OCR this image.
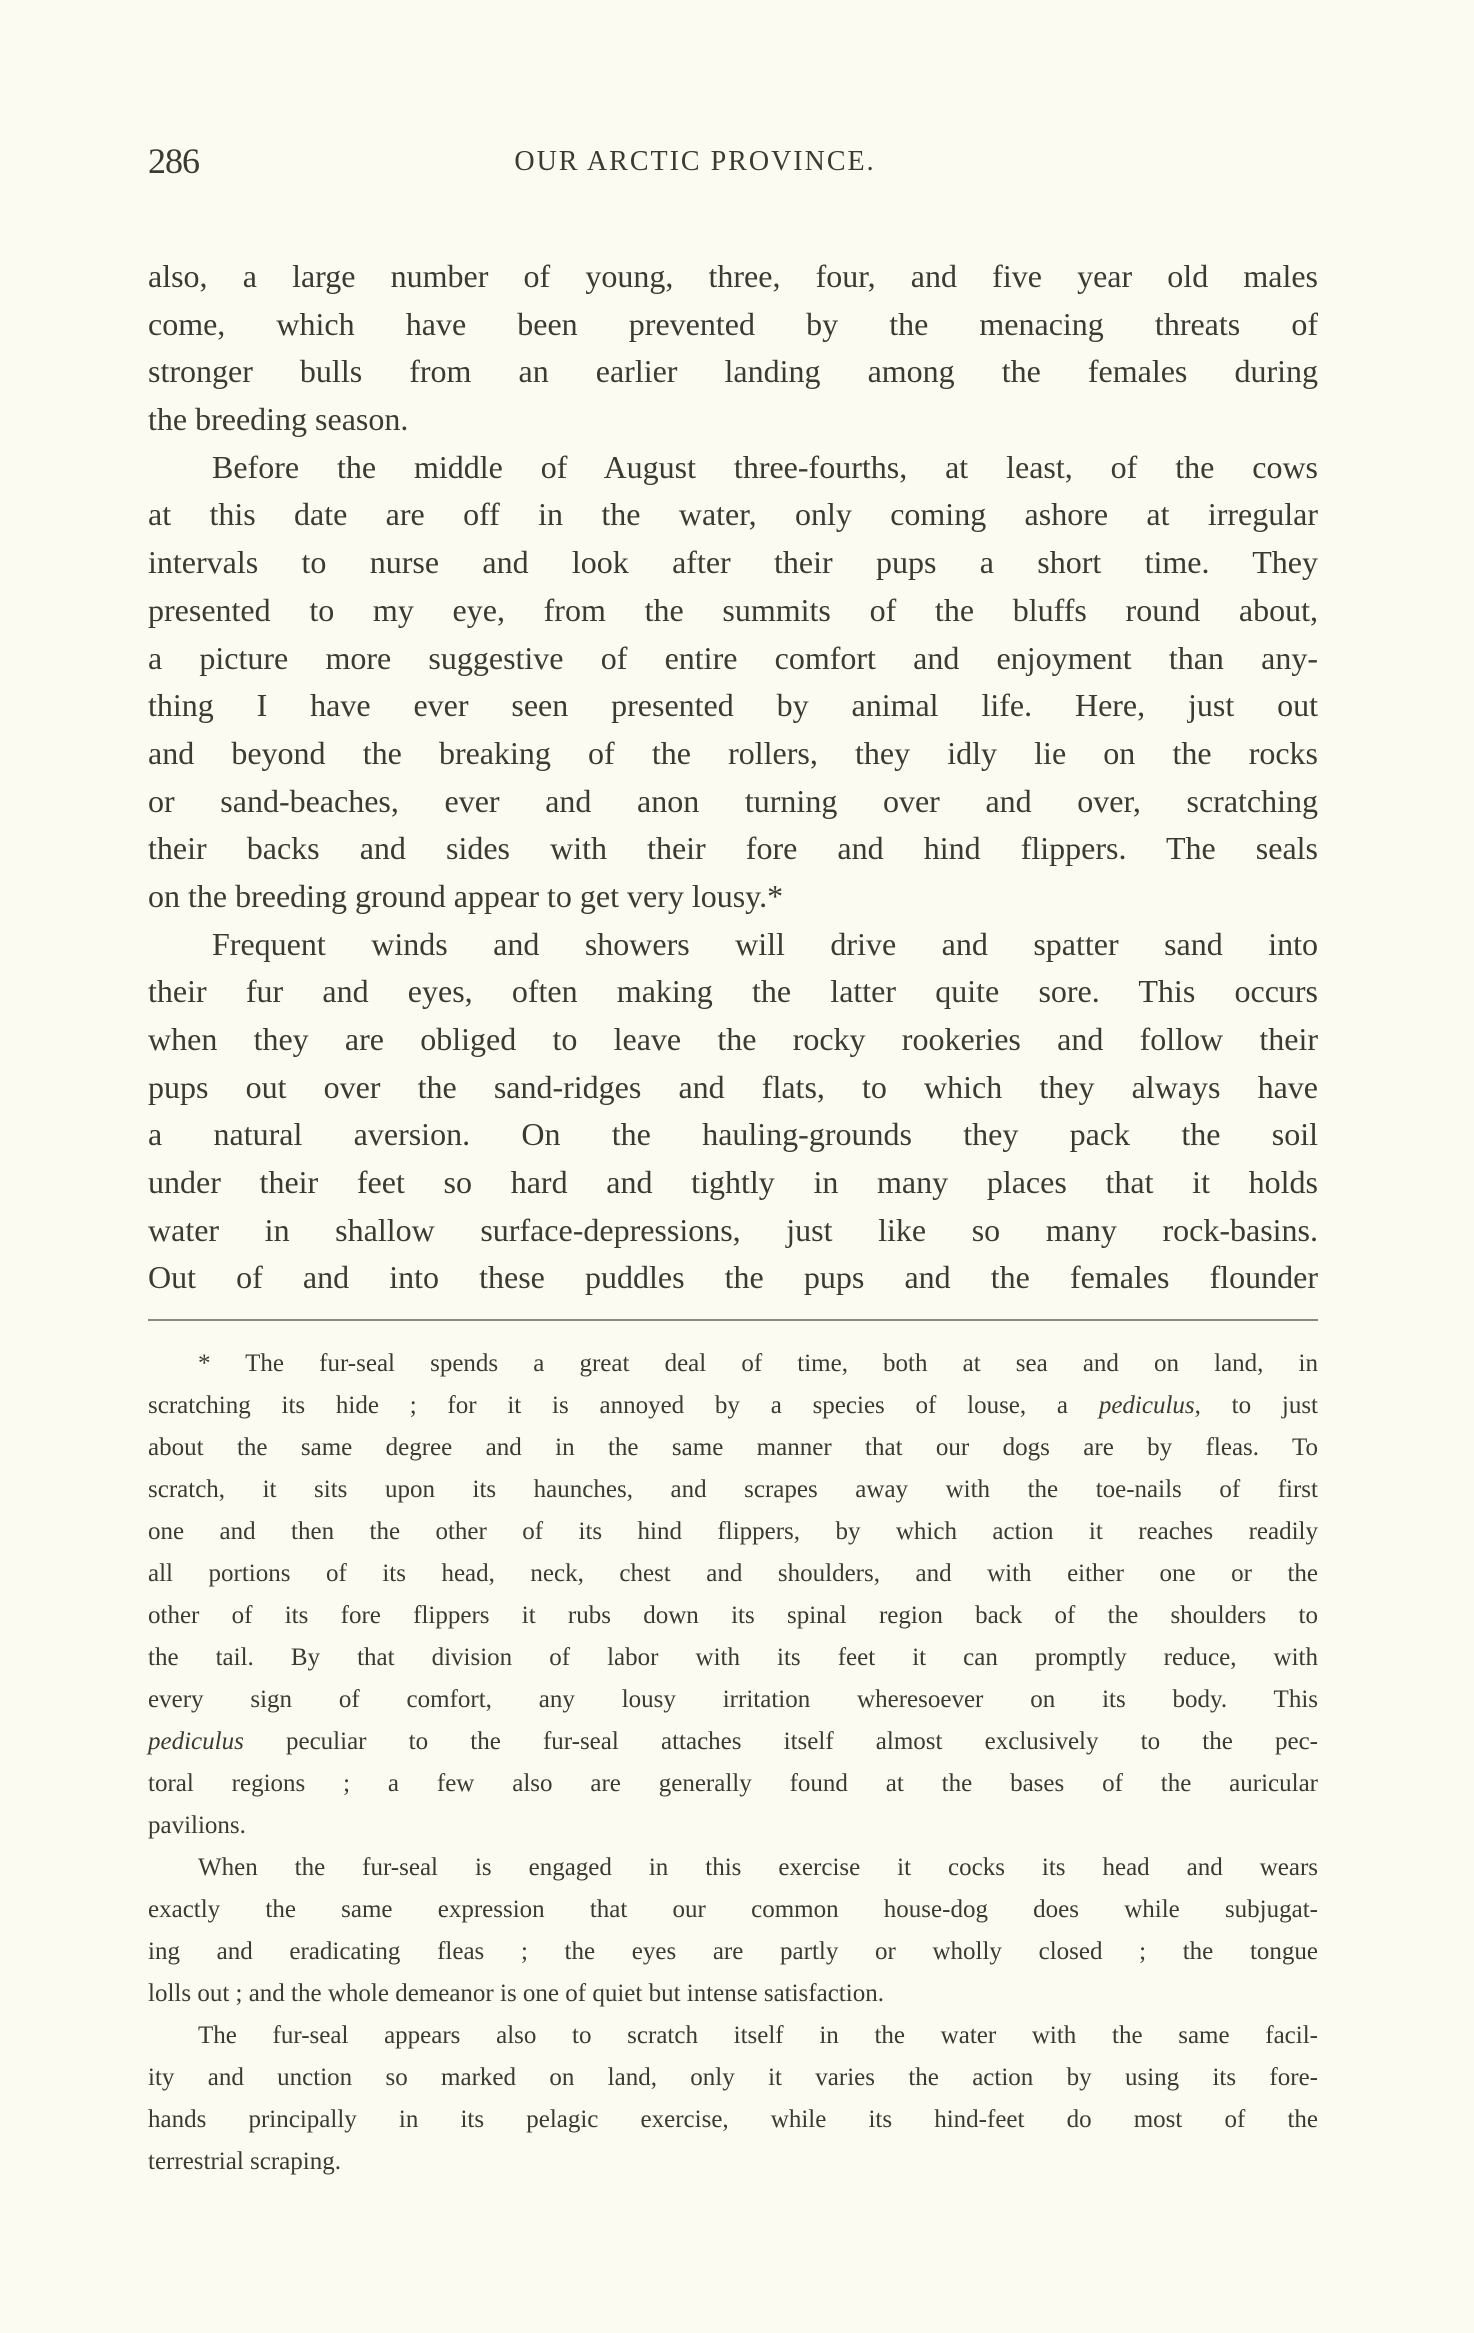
286	OUR ARCTIC PROVINCE.
also, a large number of young, three, four, and five year old males
come, which have been prevented by the menacing threats of
stronger bulls from an earlier landing among the females during
the breeding season.
Before the middle of August three-fourths, at least, of the cows
at this date are off in the water, only coming ashore at irregular
intervals to nurse and look after their pups a short time. They
presented to my eye, from the summits of the bluffs round about,
a picture more suggestive of entire comfort and enjoyment than any-
thing I have ever seen presented by animal life. Here, just out
and beyond the breaking of the rollers, they idly lie on the rocks
or sand-beaches, ever and anon turning over and over, scratching
their backs and sides with their fore and hind flippers. The seals
on the breeding ground appear to get very lousy.*
Frequent winds and showers will drive and spatter sand into
their fur and eyes, often making the latter quite sore. This occurs
when they are obliged to leave the rocky rookeries and follow their
pups out over the sand-ridges and flats, to which they always have
a natural aversion. On the hauling-grounds they pack the soil
under their feet so hard and tightly in many places that it holds
water in shallow surface-depressions, just like so many rock-basins.
Out of and into these puddles the pups and the females flounder
* The fur-seal spends a great deal of time, both at sea and on land, in
scratching its hide ; for it is annoyed by a species of louse, a pediculus, to just
about the same degree and in the same manner that our dogs are by fleas. To
scratch, it sits upon its haunches, and scrapes away with the toe-nails of first
one and then the other of its hind flippers, by which action it reaches readily
all portions of its head, neck, chest and shoulders, and with either one or the
other of its fore flippers it rubs down its spinal region back of the shoulders to
the tail. By that division of labor with its feet it can promptly reduce, with
every sign of comfort, any lousy irritation wheresoever on its body. This
pediculus peculiar to the fur-seal attaches itself almost exclusively to the pec-
toral regions ; a few also are generally found at the bases of the auricular
pavilions.
When the fur-seal is engaged in this exercise it cocks its head and wears
exactly the same expression that our common house-dog does while subjugat-
ing and eradicating fleas ; the eyes are partly or wholly closed ; the tongue
lolls out ; and the whole demeanor is one of quiet but intense satisfaction.
The fur-seal appears also to scratch itself in the water with the same facil-
ity and unction so marked on land, only it varies the action by using its fore-
hands principally in its pelagic exercise, while its hind-feet do most of the
terrestrial scraping.
